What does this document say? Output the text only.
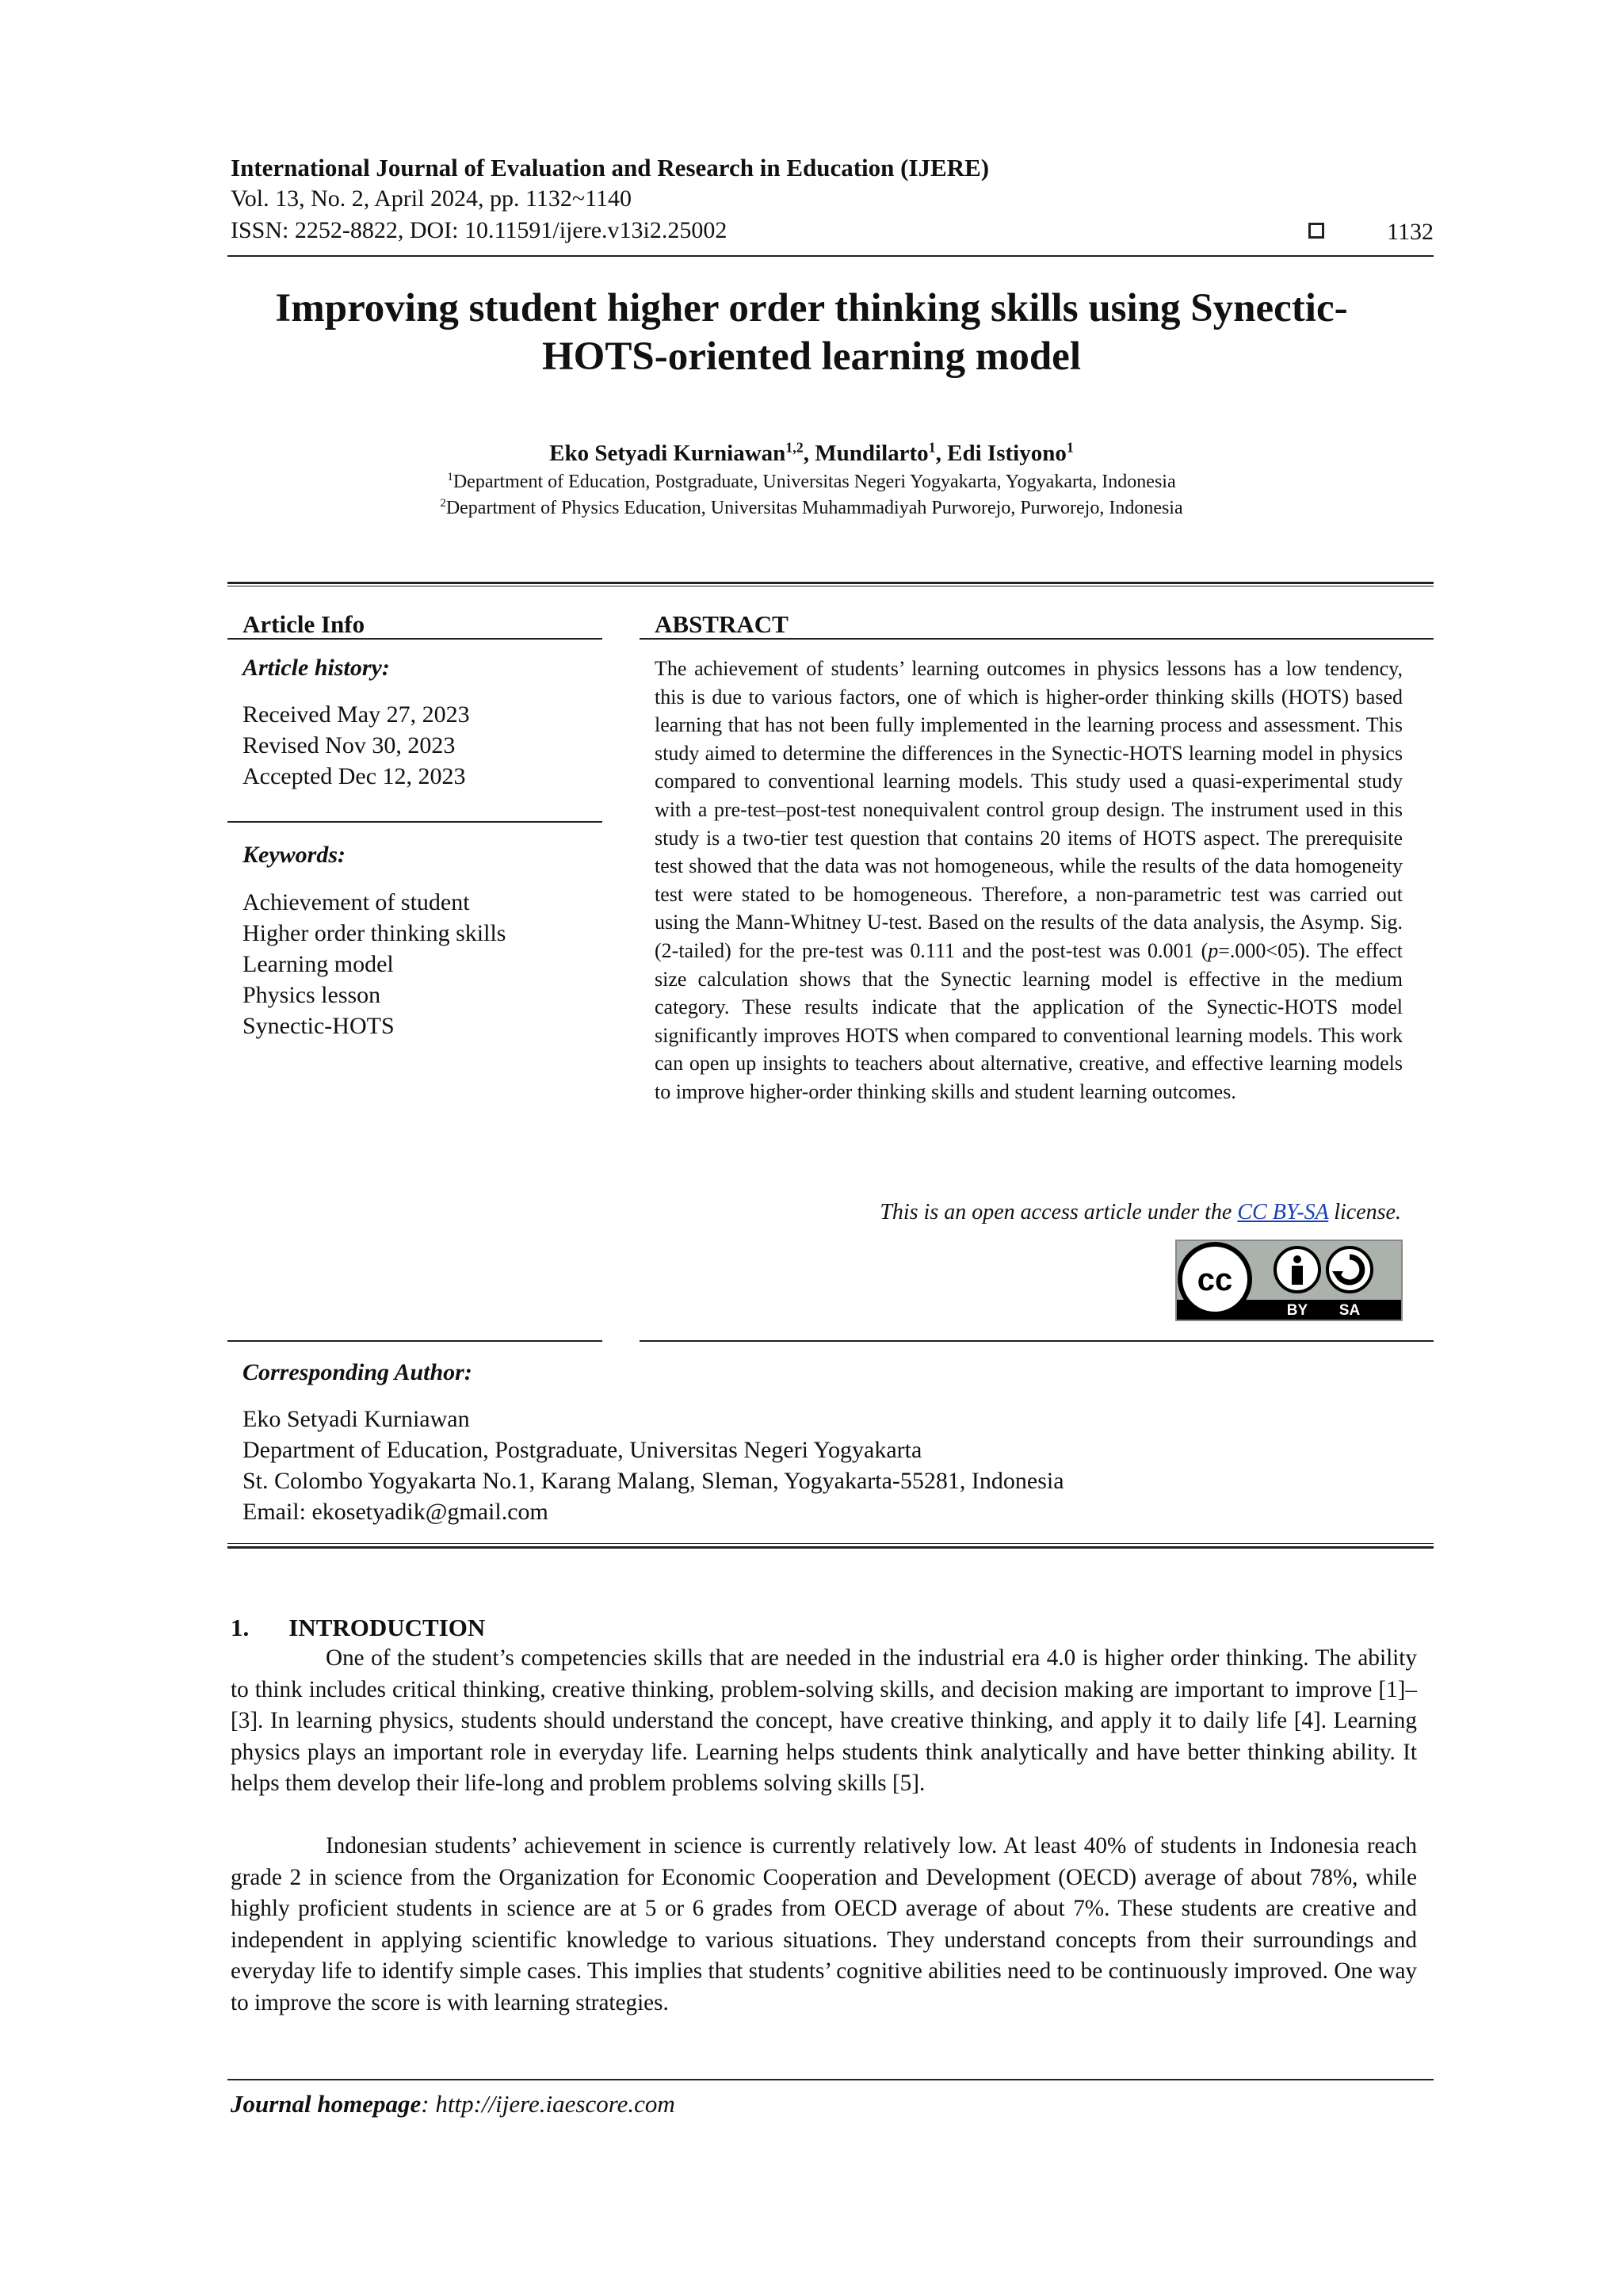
International Journal of Evaluation and Research in Education (IJERE)
Vol. 13, No. 2, April 2024, pp. 1132~1140
ISSN: 2252-8822, DOI: 10.11591/ijere.v13i2.25002	1132
Improving student higher order thinking skills using Synectic-
HOTS-oriented learning model
Eko Setyadi Kurniawan$^{1,2}$, Mundilarto$^1$, Edi Istiyono$^1$
$^1$Department of Education, Postgraduate, Universitas Negeri Yogyakarta, Yogyakarta, Indonesia
$^2$Department of Physics Education, Universitas Muhammadiyah Purworejo, Purworejo, Indonesia
Article Info
Article history:
Received May 27, 2023
Revised Nov 30, 2023
Accepted Dec 12, 2023
Keywords:
Achievement of student
Higher order thinking skills
Learning model
Physics lesson
Synectic-HOTS
ABSTRACT
The achievement of students’ learning outcomes in physics lessons has a low tendency, this is due to various factors, one of which is higher-order thinking skills (HOTS) based learning that has not been fully implemented in the learning process and assessment. This study aimed to determine the differences in the Synectic-HOTS learning model in physics compared to conventional learning models. This study used a quasi-experimental study with a pre-test–post-test nonequivalent control group design. The instrument used in this study is a two-tier test question that contains 20 items of HOTS aspect. The prerequisite test showed that the data was not homogeneous, while the results of the data homogeneity test were stated to be homogeneous. Therefore, a non-parametric test was carried out using the Mann-Whitney U-test. Based on the results of the data analysis, the Asymp. Sig. (2-tailed) for the pre-test was 0.111 and the post-test was 0.001 (p=.000<05). The effect size calculation shows that the Synectic learning model is effective in the medium category. These results indicate that the application of the Synectic-HOTS model significantly improves HOTS when compared to conventional learning models. This work can open up insights to teachers about alternative, creative, and effective learning models to improve higher-order thinking skills and student learning outcomes.
This is an open access article under the CC BY-SA license.
cc
BY SA
Corresponding Author:
Eko Setyadi Kurniawan
Department of Education, Postgraduate, Universitas Negeri Yogyakarta
St. Colombo Yogyakarta No.1, Karang Malang, Sleman, Yogyakarta-55281, Indonesia
Email: ekosetyadik@gmail.com
1. INTRODUCTION
One of the student’s competencies skills that are needed in the industrial era 4.0 is higher order thinking. The ability to think includes critical thinking, creative thinking, problem-solving skills, and decision making are important to improve [1]–[3]. In learning physics, students should understand the concept, have creative thinking, and apply it to daily life [4]. Learning physics plays an important role in everyday life. Learning helps students think analytically and have better thinking ability. It helps them develop their life-long and problem problems solving skills [5].
Indonesian students’ achievement in science is currently relatively low. At least 40% of students in Indonesia reach grade 2 in science from the Organization for Economic Cooperation and Development (OECD) average of about 78%, while highly proficient students in science are at 5 or 6 grades from OECD average of about 7%. These students are creative and independent in applying scientific knowledge to various situations. They understand concepts from their surroundings and everyday life to identify simple cases. This implies that students’ cognitive abilities need to be continuously improved. One way to improve the score is with learning strategies.
Journal homepage: http://ijere.iaescore.com
